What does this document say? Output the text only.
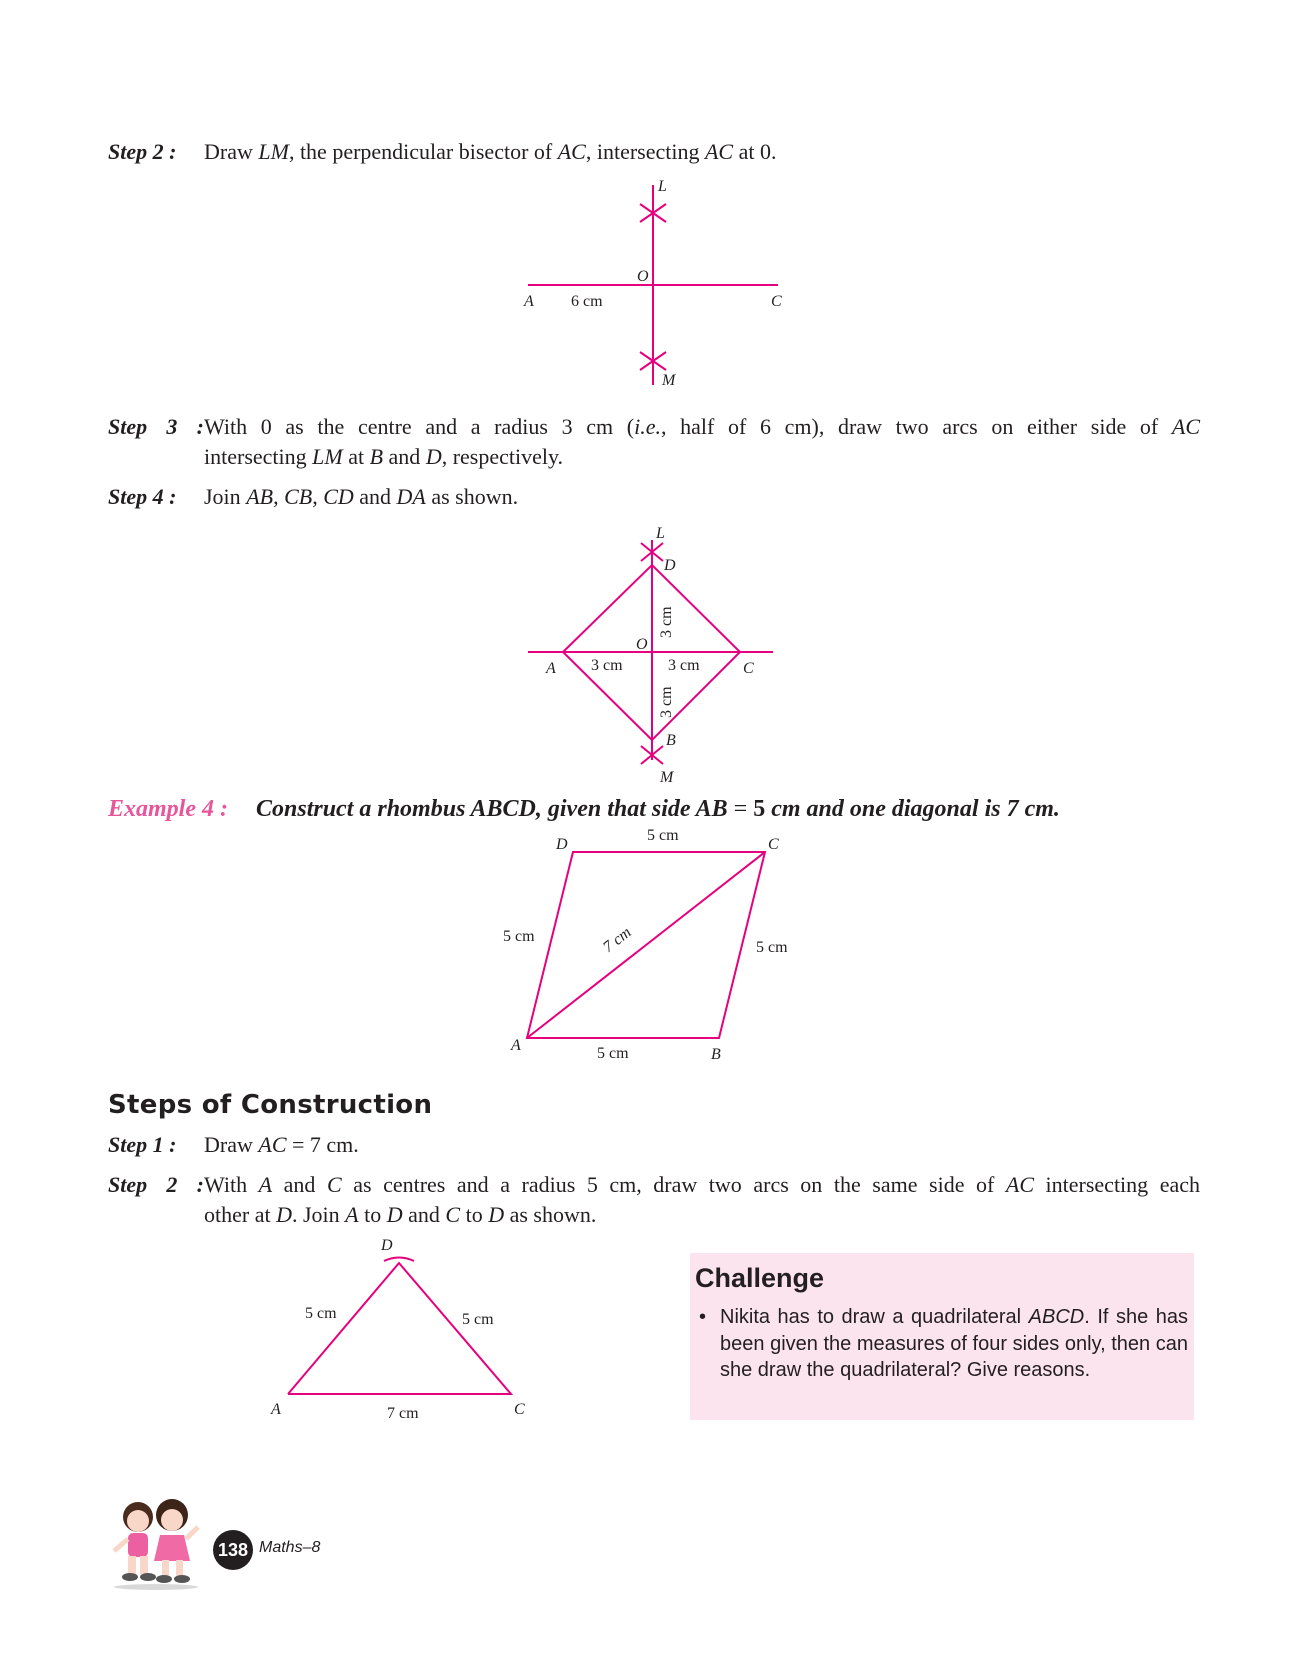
Step 2 : Draw LM, the perpendicular bisector of AC, intersecting AC at 0.
L
O
A	C
M
6 cm
Step 3 :With 0 as the centre and a radius 3 cm (i.e., half of 6 cm), draw two arcs on either side of AC
intersecting LM at B and D, respectively.
Step 4 : Join AB, CB, CD and DA as shown.
L
D
O
A	C
B
M
3 cm	3 cm
3 cm
3 cm
Example 4 : Construct a rhombus ABCD, given that side AB = 5 cm and one diagonal is 7 cm.
D	C
A
B
5 cm
5 cm
5 cm
5 cm
7 cm
Steps of Construction
Step 1 : Draw AC = 7 cm.
Step 2 :With A and C as centres and a radius 5 cm, draw two arcs on the same side of AC intersecting each
other at D. Join A to D and C to D as shown.
D
A	C
5 cm	5 cm
7 cm
Challenge
• Nikita has to draw a quadrilateral ABCD. If she has been given the measures of four sides only, then can she draw the quadrilateral? Give reasons.
138 Maths–8
